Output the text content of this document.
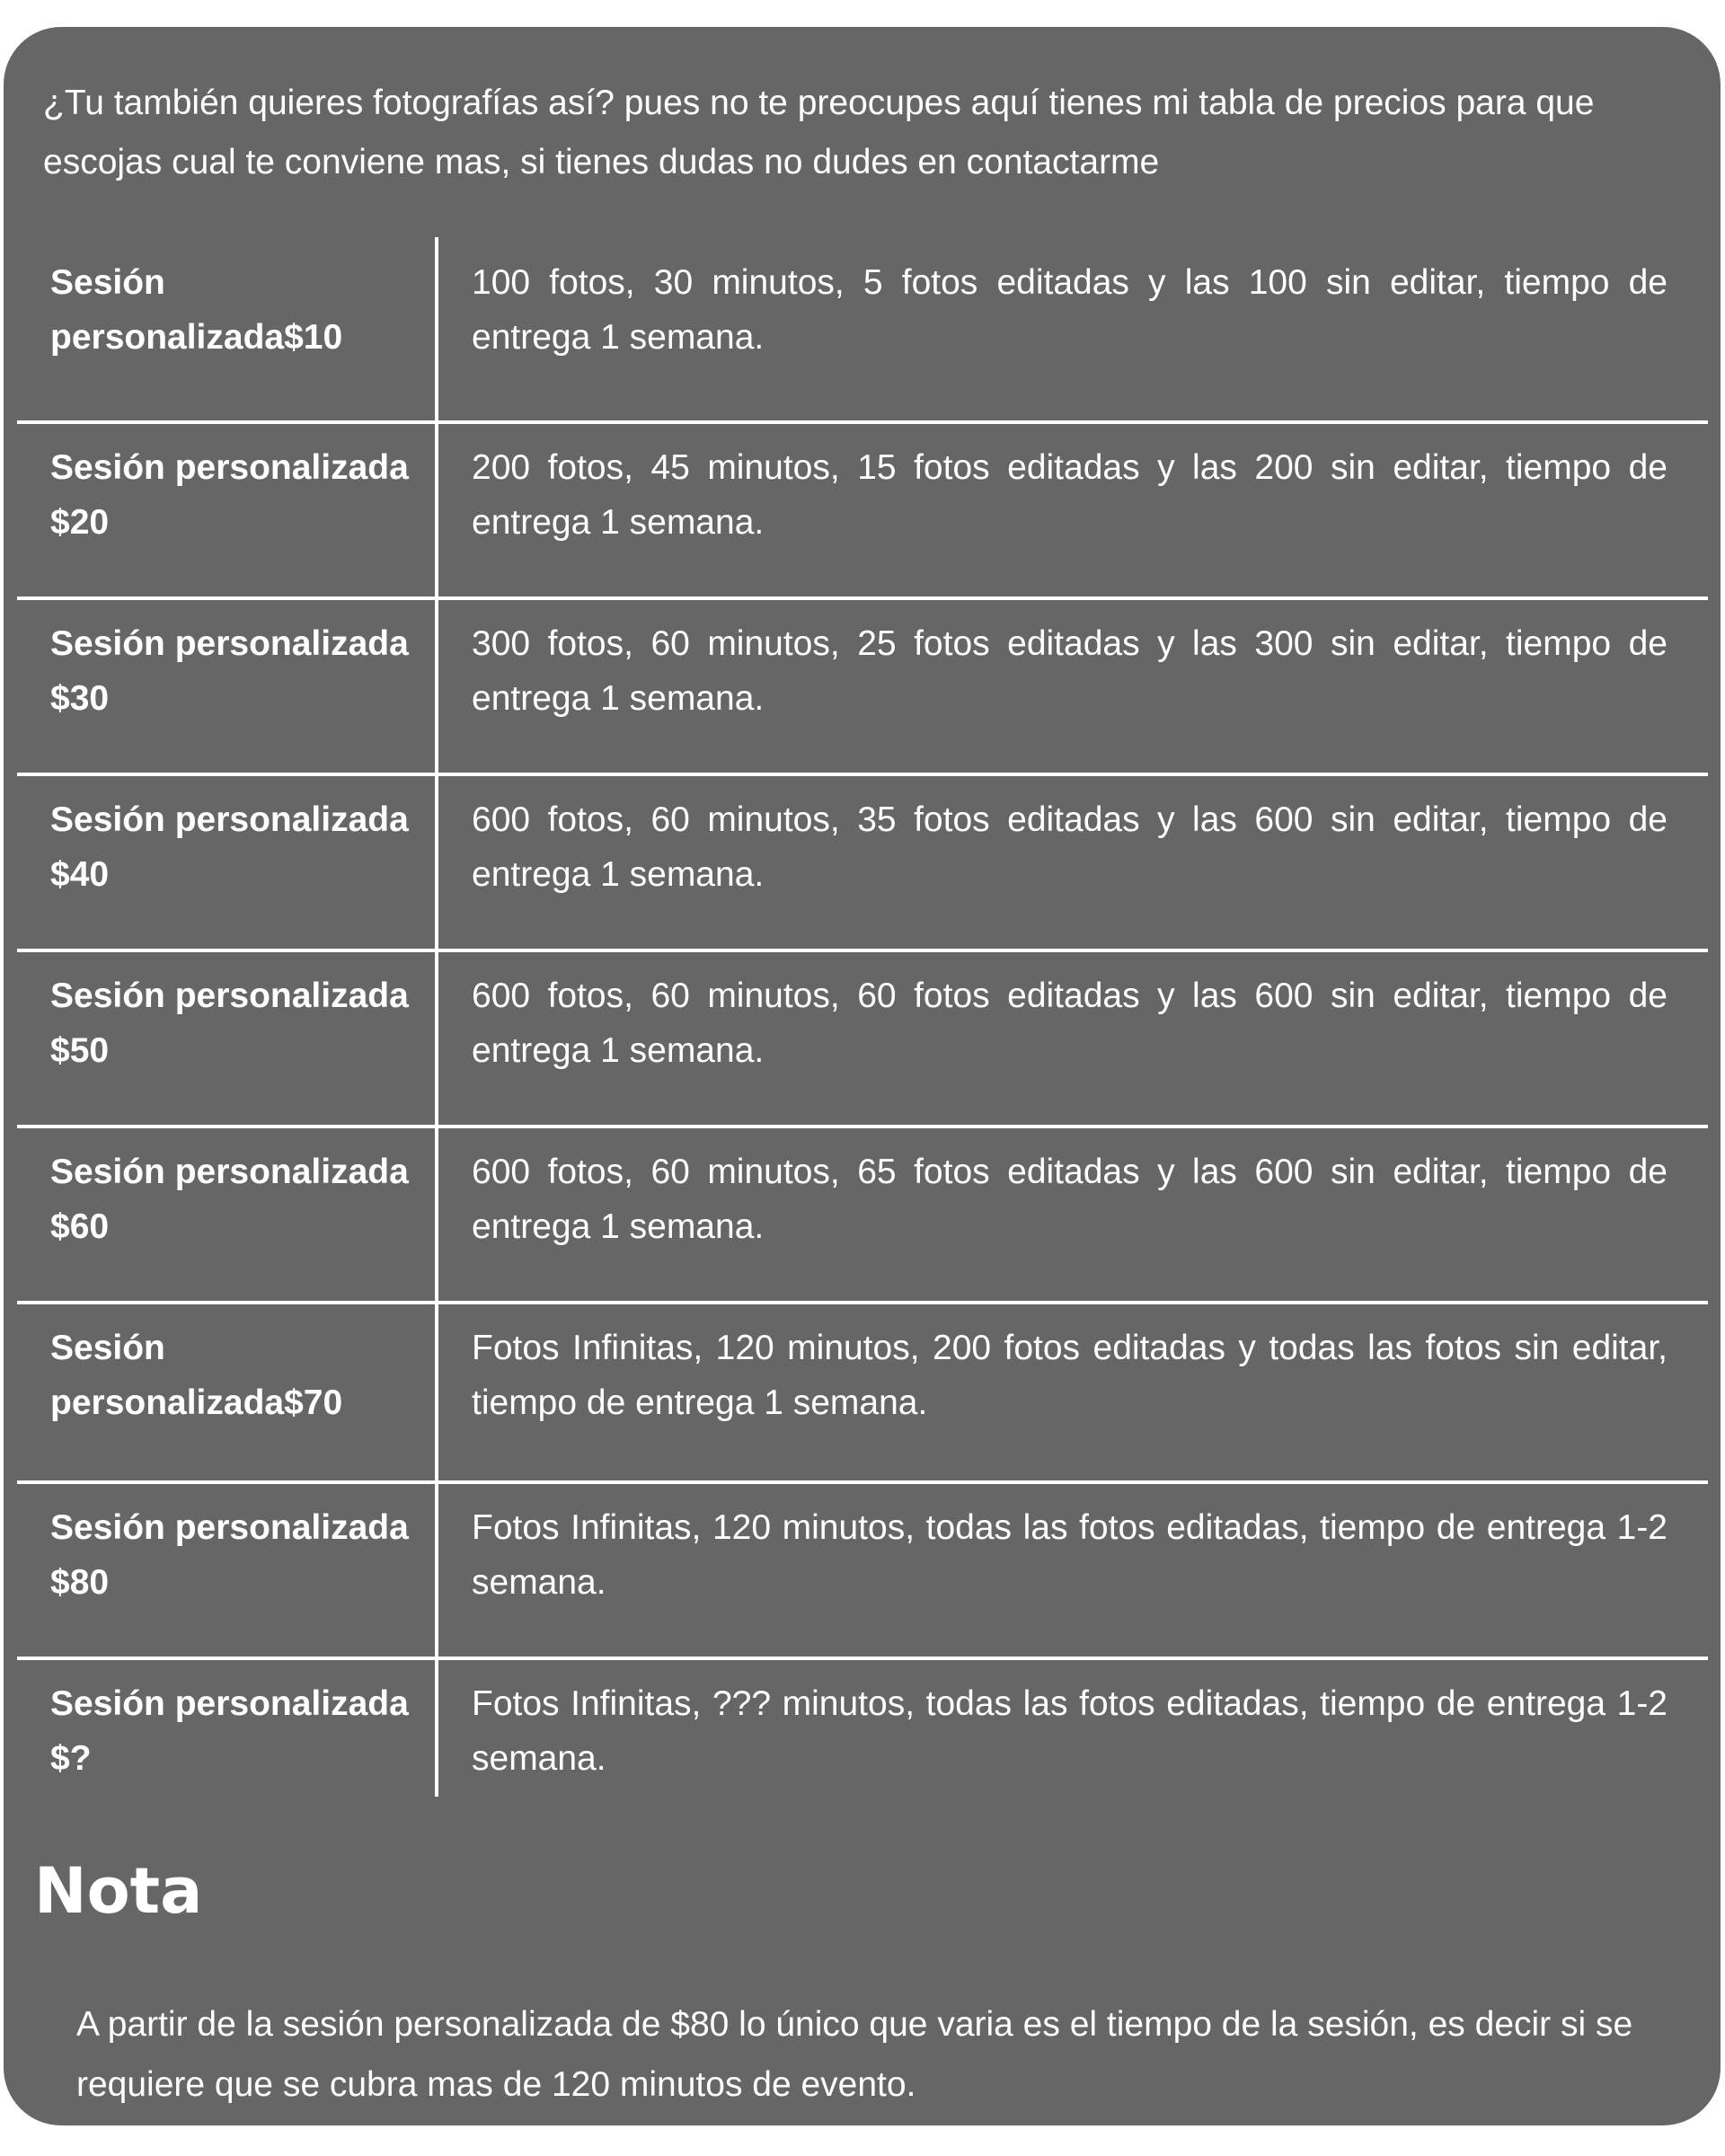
¿Tu también quieres fotografías así? pues no te preocupes aquí tienes mi tabla de precios para que escojas cual te conviene mas, si tienes dudas no dudes en contactarme

Sesión personalizada$10	100 fotos, 30 minutos, 5 fotos editadas y las 100 sin editar, tiempo de entrega 1 semana.
Sesión personalizada $20	200 fotos, 45 minutos, 15 fotos editadas y las 200 sin editar, tiempo de entrega 1 semana.
Sesión personalizada $30	300 fotos, 60 minutos, 25 fotos editadas y las 300 sin editar, tiempo de entrega 1 semana.
Sesión personalizada $40	600 fotos, 60 minutos, 35 fotos editadas y las 600 sin editar, tiempo de entrega 1 semana.
Sesión personalizada $50	600 fotos, 60 minutos, 60 fotos editadas y las 600 sin editar, tiempo de entrega 1 semana.
Sesión personalizada $60	600 fotos, 60 minutos, 65 fotos editadas y las 600 sin editar, tiempo de entrega 1 semana.
Sesión personalizada$70	Fotos Infinitas, 120 minutos, 200 fotos editadas y todas las fotos sin editar, tiempo de entrega 1 semana.
Sesión personalizada $80	Fotos Infinitas, 120 minutos, todas las fotos editadas, tiempo de entrega 1-2 semana.
Sesión personalizada $?	Fotos Infinitas, ??? minutos, todas las fotos editadas, tiempo de entrega 1-2 semana.
Nota

A partir de la sesión personalizada de $80 lo único que varia es el tiempo de la sesión, es decir si se requiere que se cubra mas de 120 minutos de evento.
